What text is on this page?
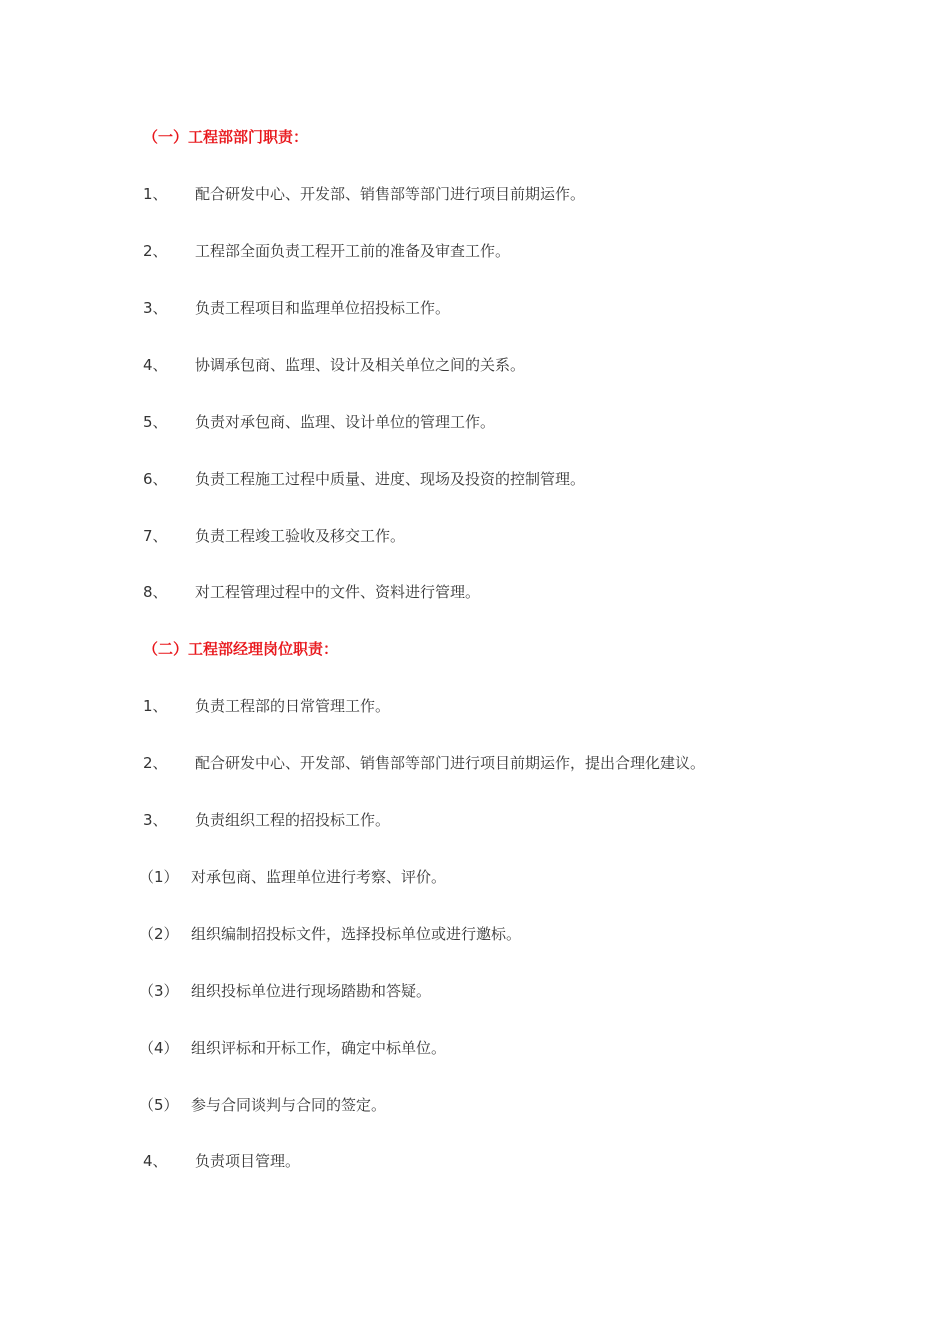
（一）工程部部门职责：
1、 配合研发中心、开发部、销售部等部门进行项目前期运作。
2、 工程部全面负责工程开工前的准备及审查工作。
3、 负责工程项目和监理单位招投标工作。
4、 协调承包商、监理、设计及相关单位之间的关系。
5、 负责对承包商、监理、设计单位的管理工作。
6、 负责工程施工过程中质量、进度、现场及投资的控制管理。
7、 负责工程竣工验收及移交工作。
8、 对工程管理过程中的文件、资料进行管理。
（二）工程部经理岗位职责：
1、 负责工程部的日常管理工作。
2、 配合研发中心、开发部、销售部等部门进行项目前期运作，提出合理化建议。
3、 负责组织工程的招投标工作。
（1） 对承包商、监理单位进行考察、评价。
（2） 组织编制招投标文件，选择投标单位或进行邀标。
（3） 组织投标单位进行现场踏勘和答疑。
（4） 组织评标和开标工作，确定中标单位。
（5） 参与合同谈判与合同的签定。
4、 负责项目管理。
